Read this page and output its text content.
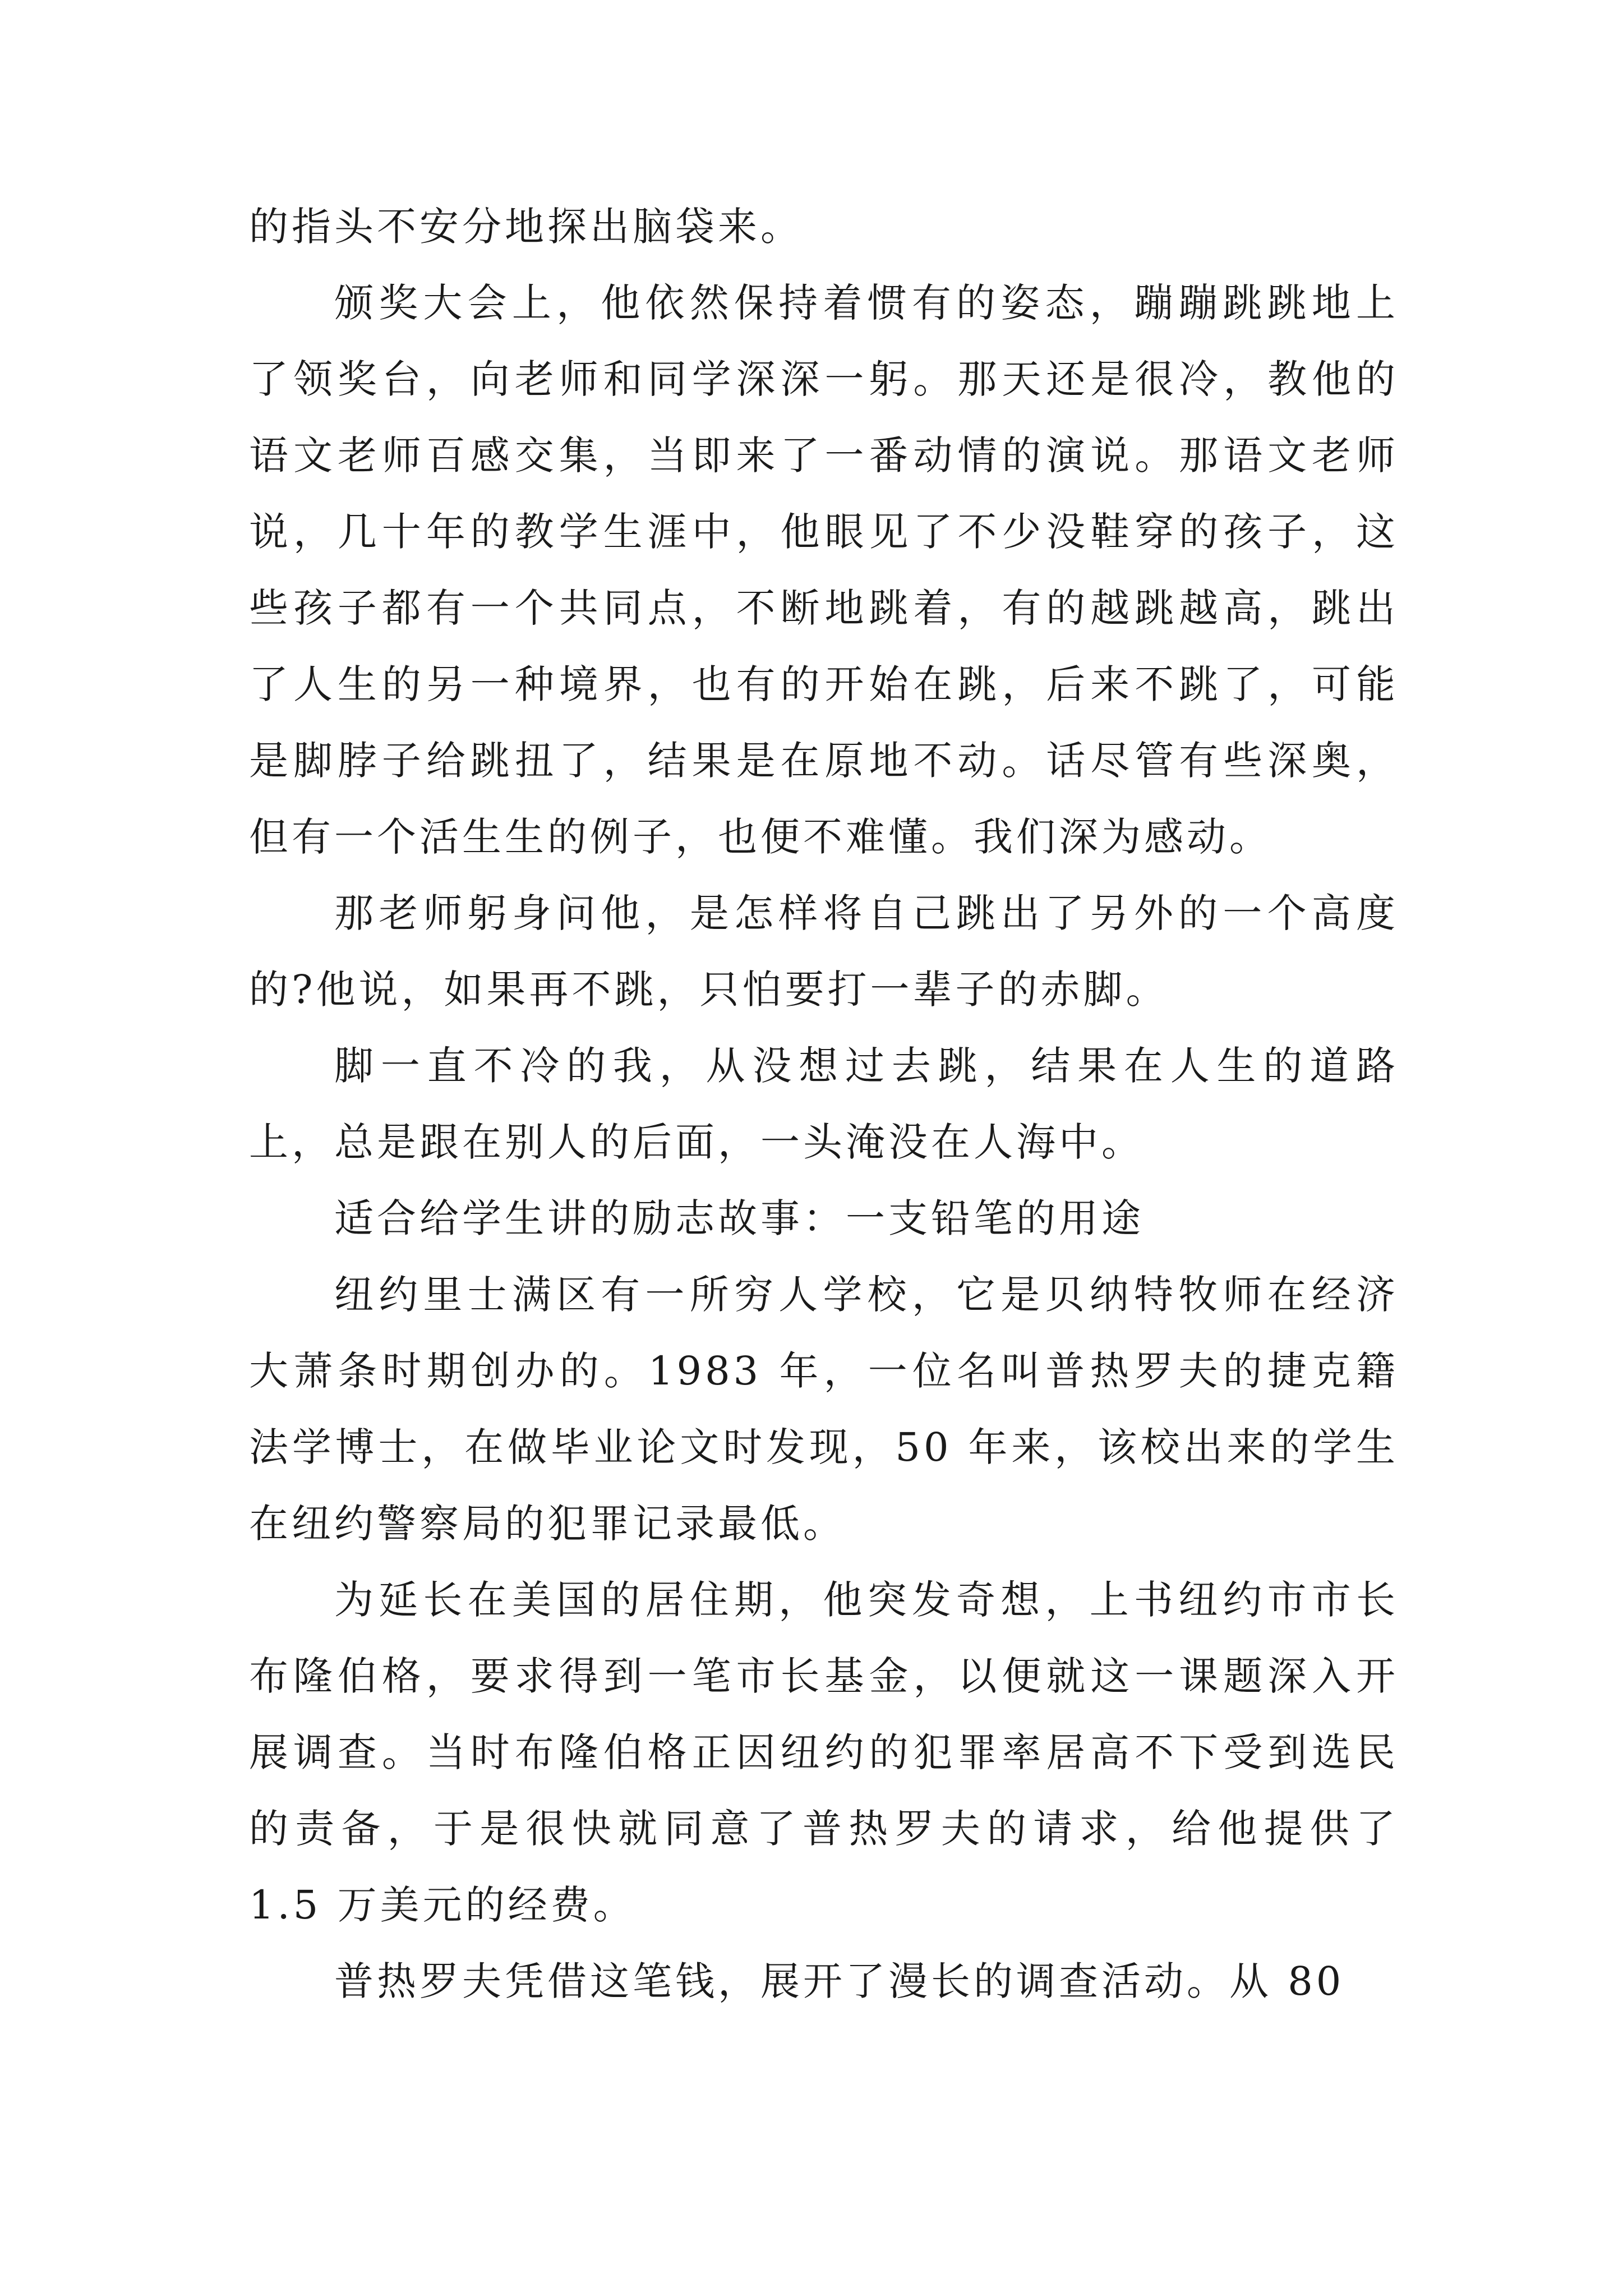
的指头不安分地探出脑袋来。

颁奖大会上，他依然保持着惯有的姿态，蹦蹦跳跳地上了领奖台，向老师和同学深深一躬。那天还是很冷，教他的语文老师百感交集，当即来了一番动情的演说。那语文老师说，几十年的教学生涯中，他眼见了不少没鞋穿的孩子，这些孩子都有一个共同点，不断地跳着，有的越跳越高，跳出了人生的另一种境界，也有的开始在跳，后来不跳了，可能是脚脖子给跳扭了，结果是在原地不动。话尽管有些深奥，但有一个活生生的例子，也便不难懂。我们深为感动。

那老师躬身问他，是怎样将自己跳出了另外的一个高度的?他说，如果再不跳，只怕要打一辈子的赤脚。

脚一直不冷的我，从没想过去跳，结果在人生的道路上，总是跟在别人的后面，一头淹没在人海中。

适合给学生讲的励志故事：一支铅笔的用途

纽约里士满区有一所穷人学校，它是贝纳特牧师在经济大萧条时期创办的。1983 年，一位名叫普热罗夫的捷克籍法学博士，在做毕业论文时发现，50 年来，该校出来的学生在纽约警察局的犯罪记录最低。

为延长在美国的居住期，他突发奇想，上书纽约市市长布隆伯格，要求得到一笔市长基金，以便就这一课题深入开展调查。当时布隆伯格正因纽约的犯罪率居高不下受到选民的责备，于是很快就同意了普热罗夫的请求，给他提供了 1.5 万美元的经费。

普热罗夫凭借这笔钱，展开了漫长的调查活动。从 80
